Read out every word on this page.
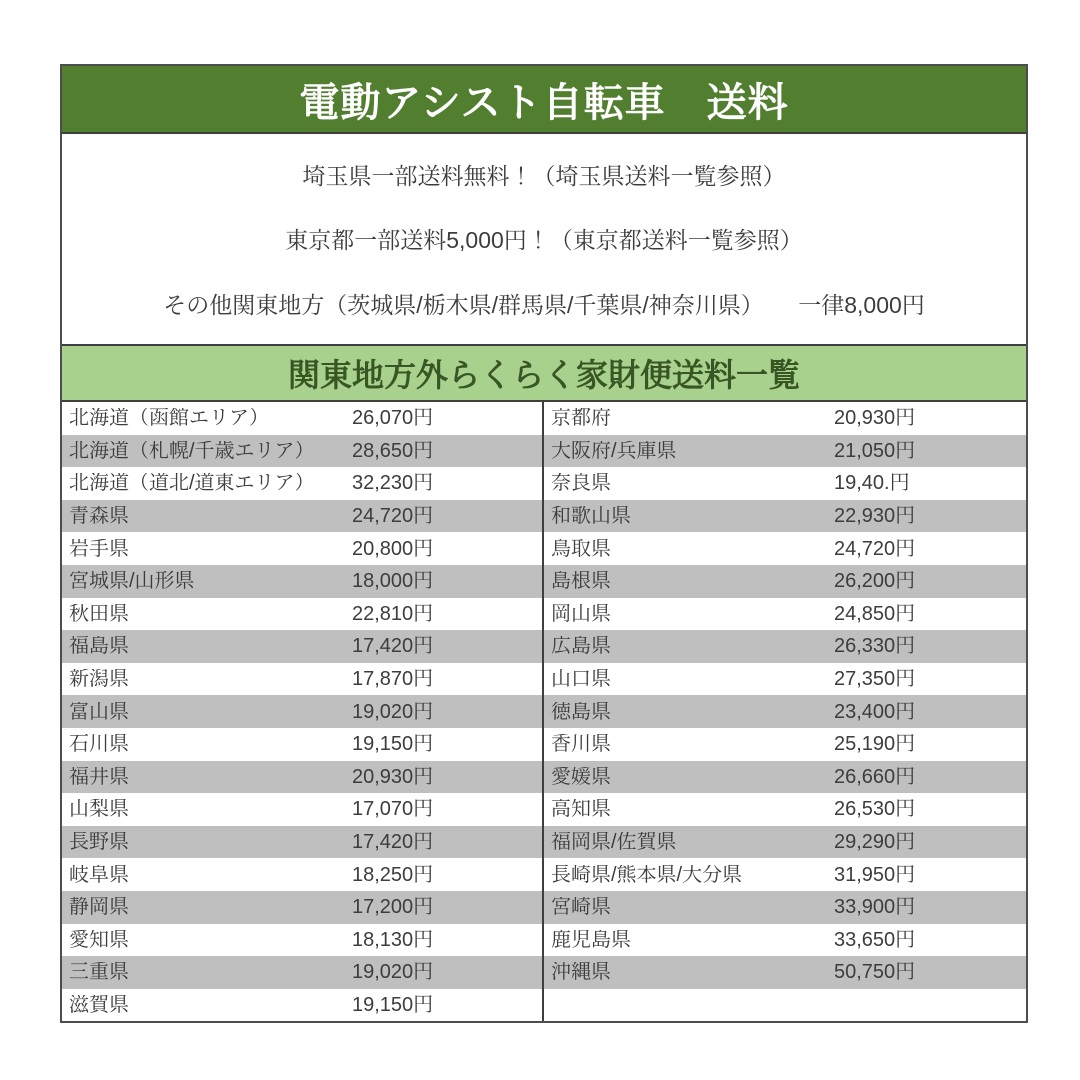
電動アシスト自転車　送料
埼玉県一部送料無料！（埼玉県送料一覧参照）
東京都一部送料5,000円！（東京都送料一覧参照）
その他関東地方（茨城県/栃木県/群馬県/千葉県/神奈川県）　　一律8,000円
関東地方外らくらく家財便送料一覧
北海道（函館エリア）	26,070円
北海道（札幌/千歳エリア）	28,650円
北海道（道北/道東エリア）	32,230円
青森県	24,720円
岩手県	20,800円
宮城県/山形県	18,000円
秋田県	22,810円
福島県	17,420円
新潟県	17,870円
富山県	19,020円
石川県	19,150円
福井県	20,930円
山梨県	17,070円
長野県	17,420円
岐阜県	18,250円
静岡県	17,200円
愛知県	18,130円
三重県	19,020円
滋賀県	19,150円
京都府	20,930円
大阪府/兵庫県	21,050円
奈良県	19,40.円
和歌山県	22,930円
鳥取県	24,720円
島根県	26,200円
岡山県	24,850円
広島県	26,330円
山口県	27,350円
徳島県	23,400円
香川県	25,190円
愛媛県	26,660円
高知県	26,530円
福岡県/佐賀県	29,290円
長崎県/熊本県/大分県	31,950円
宮崎県	33,900円
鹿児島県	33,650円
沖縄県	50,750円
